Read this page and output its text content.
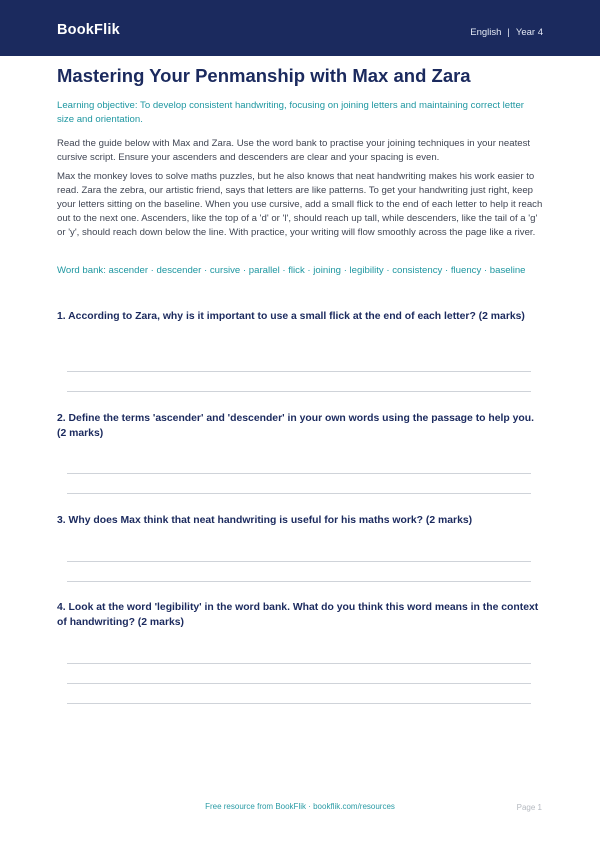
BookFlik	English | Year 4
Mastering Your Penmanship with Max and Zara

Learning objective: To develop consistent handwriting, focusing on joining letters and maintaining correct letter size and orientation.

Read the guide below with Max and Zara. Use the word bank to practise your joining techniques in your neatest cursive script. Ensure your ascenders and descenders are clear and your spacing is even.

Max the monkey loves to solve maths puzzles, but he also knows that neat handwriting makes his work easier to read. Zara the zebra, our artistic friend, says that letters are like patterns. To get your handwriting just right, keep your letters sitting on the baseline. When you use cursive, add a small flick to the end of each letter to help it reach out to the next one. Ascenders, like the top of a 'd' or 'l', should reach up tall, while descenders, like the tail of a 'g' or 'y', should reach down below the line. With practice, your writing will flow smoothly across the page like a river.

Word bank: ascender · descender · cursive · parallel · flick · joining · legibility · consistency · fluency · baseline

1. According to Zara, why is it important to use a small flick at the end of each letter? (2 marks)

2. Define the terms 'ascender' and 'descender' in your own words using the passage to help you. (2 marks)

3. Why does Max think that neat handwriting is useful for his maths work? (2 marks)

4. Look at the word 'legibility' in the word bank. What do you think this word means in the context of handwriting? (2 marks)

Free resource from BookFlik · bookflik.com/resources	Page 1
